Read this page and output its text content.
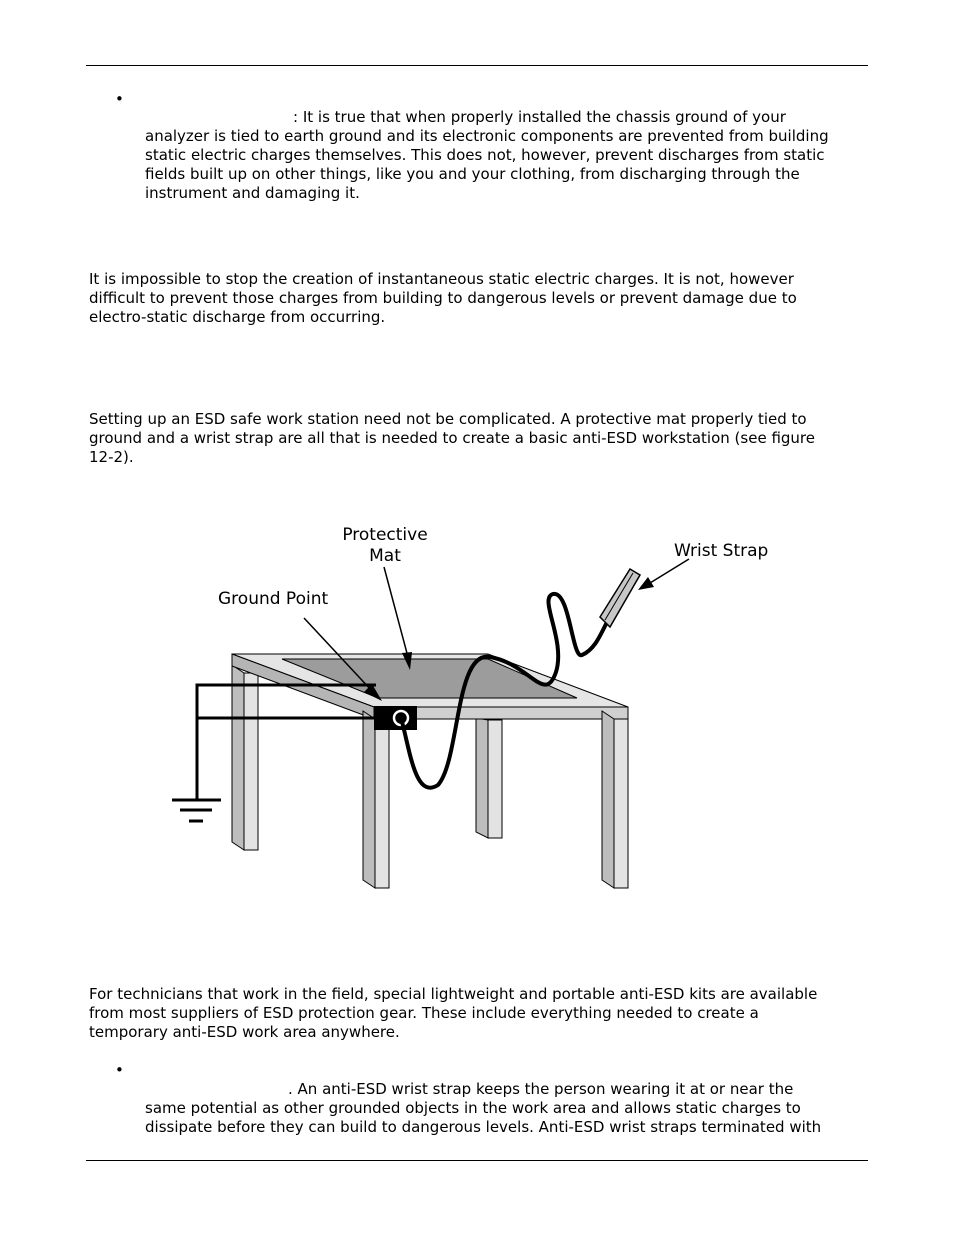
•
: It is true that when properly installed the chassis ground of your
analyzer is tied to earth ground and its electronic components are prevented from building
static electric charges themselves. This does not, however, prevent discharges from static
fields built up on other things, like you and your clothing, from discharging through the
instrument and damaging it.
It is impossible to stop the creation of instantaneous static electric charges. It is not, however
difficult to prevent those charges from building to dangerous levels or prevent damage due to
electro-static discharge from occurring.
Setting up an ESD safe work station need not be complicated. A protective mat properly tied to
ground and a wrist strap are all that is needed to create a basic anti-ESD workstation (see figure
12-2).
Protective
Mat	Wrist Strap
Ground Point
For technicians that work in the field, special lightweight and portable anti-ESD kits are available
from most suppliers of ESD protection gear. These include everything needed to create a
temporary anti-ESD work area anywhere.
•
. An anti-ESD wrist strap keeps the person wearing it at or near the
same potential as other grounded objects in the work area and allows static charges to
dissipate before they can build to dangerous levels. Anti-ESD wrist straps terminated with
